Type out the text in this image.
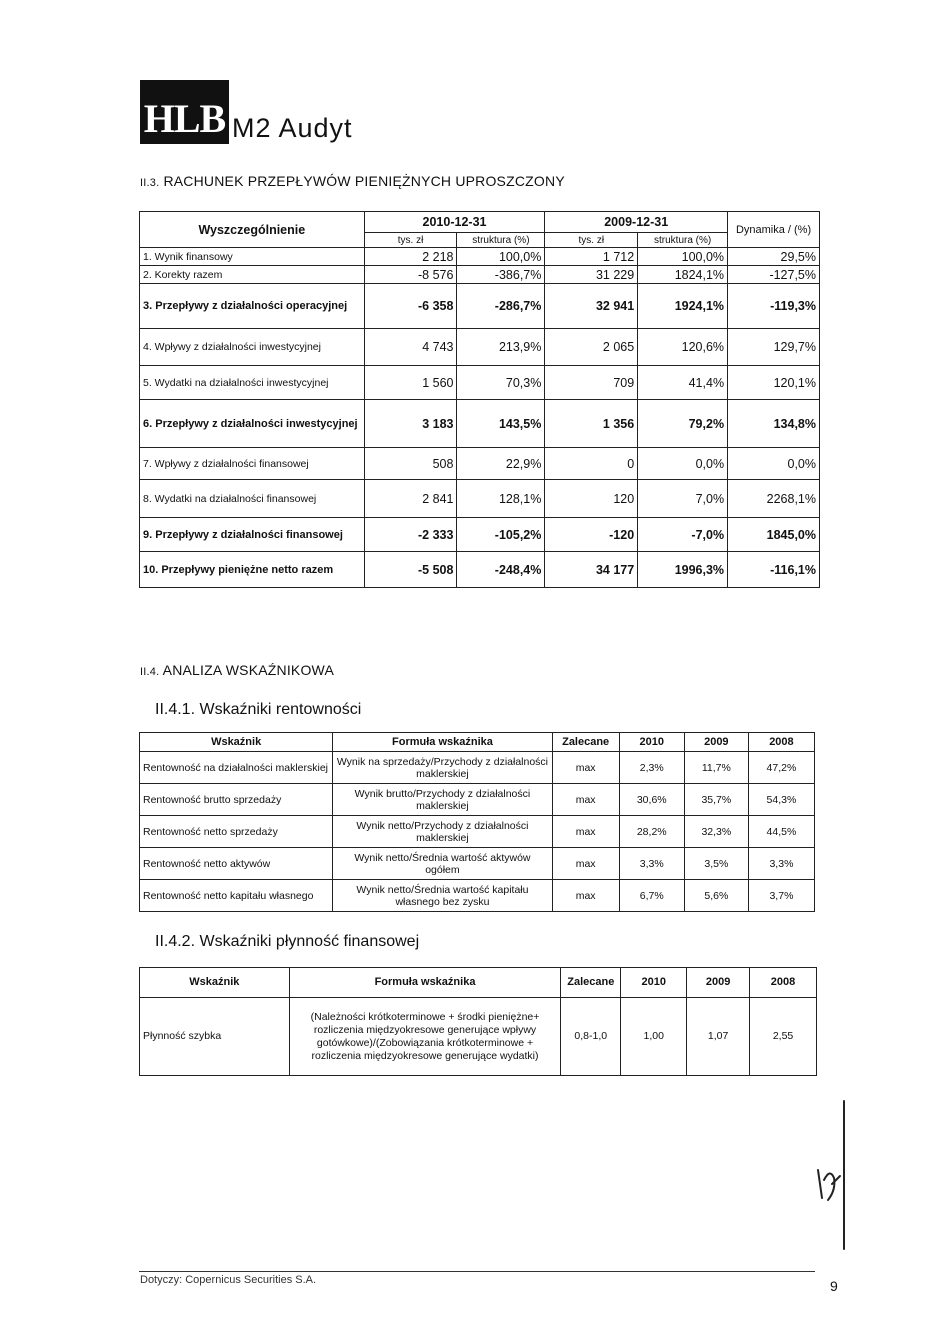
HLB M2 Audyt
II.3. RACHUNEK PRZEPŁYWÓW PIENIĘŻNYCH UPROSZCZONY
Wyszczególnienie	2010-12-31		2009-12-31		Dynamika / (%)
	tys. zł	struktura (%)	tys. zł	struktura (%)	
1. Wynik finansowy	2 218	100,0%	1 712	100,0%	29,5%
2. Korekty razem	-8 576	-386,7%	31 229	1824,1%	-127,5%
3. Przepływy z działalności operacyjnej	-6 358	-286,7%	32 941	1924,1%	-119,3%
4. Wpływy z działalności inwestycyjnej	4 743	213,9%	2 065	120,6%	129,7%
5. Wydatki na działalności inwestycyjnej	1 560	70,3%	709	41,4%	120,1%
6. Przepływy z działalności inwestycyjnej	3 183	143,5%	1 356	79,2%	134,8%
7. Wpływy z działalności finansowej	508	22,9%	0	0,0%	0,0%
8. Wydatki na działalności finansowej	2 841	128,1%	120	7,0%	2268,1%
9. Przepływy z działalności finansowej	-2 333	-105,2%	-120	-7,0%	1845,0%
10. Przepływy pieniężne netto razem	-5 508	-248,4%	34 177	1996,3%	-116,1%
II.4. ANALIZA WSKAŹNIKOWA
II.4.1. Wskaźniki rentowności
Wskaźnik	Formuła wskaźnika	Zalecane	2010	2009	2008
Rentowność na działalności maklerskiej	Wynik na sprzedaży/Przychody z działalności maklerskiej	max	2,3%	11,7%	47,2%
Rentowność brutto sprzedaży	Wynik brutto/Przychody z działalności maklerskiej	max	30,6%	35,7%	54,3%
Rentowność netto sprzedaży	Wynik netto/Przychody z działalności maklerskiej	max	28,2%	32,3%	44,5%
Rentowność netto aktywów	Wynik netto/Średnia wartość aktywów ogółem	max	3,3%	3,5%	3,3%
Rentowność netto kapitału własnego	Wynik netto/Średnia wartość kapitału własnego bez zysku	max	6,7%	5,6%	3,7%
II.4.2. Wskaźniki płynność finansowej
Wskaźnik	Formuła wskaźnika	Zalecane	2010	2009	2008
Płynność szybka	(Należności krótkoterminowe + środki pieniężne+ rozliczenia międzyokresowe generujące wpływy gotówkowe)/(Zobowiązania krótkoterminowe + rozliczenia międzyokresowe generujące wydatki)	0,8-1,0	1,00	1,07	2,55
Dotyczy: Copernicus Securities S.A.	9
